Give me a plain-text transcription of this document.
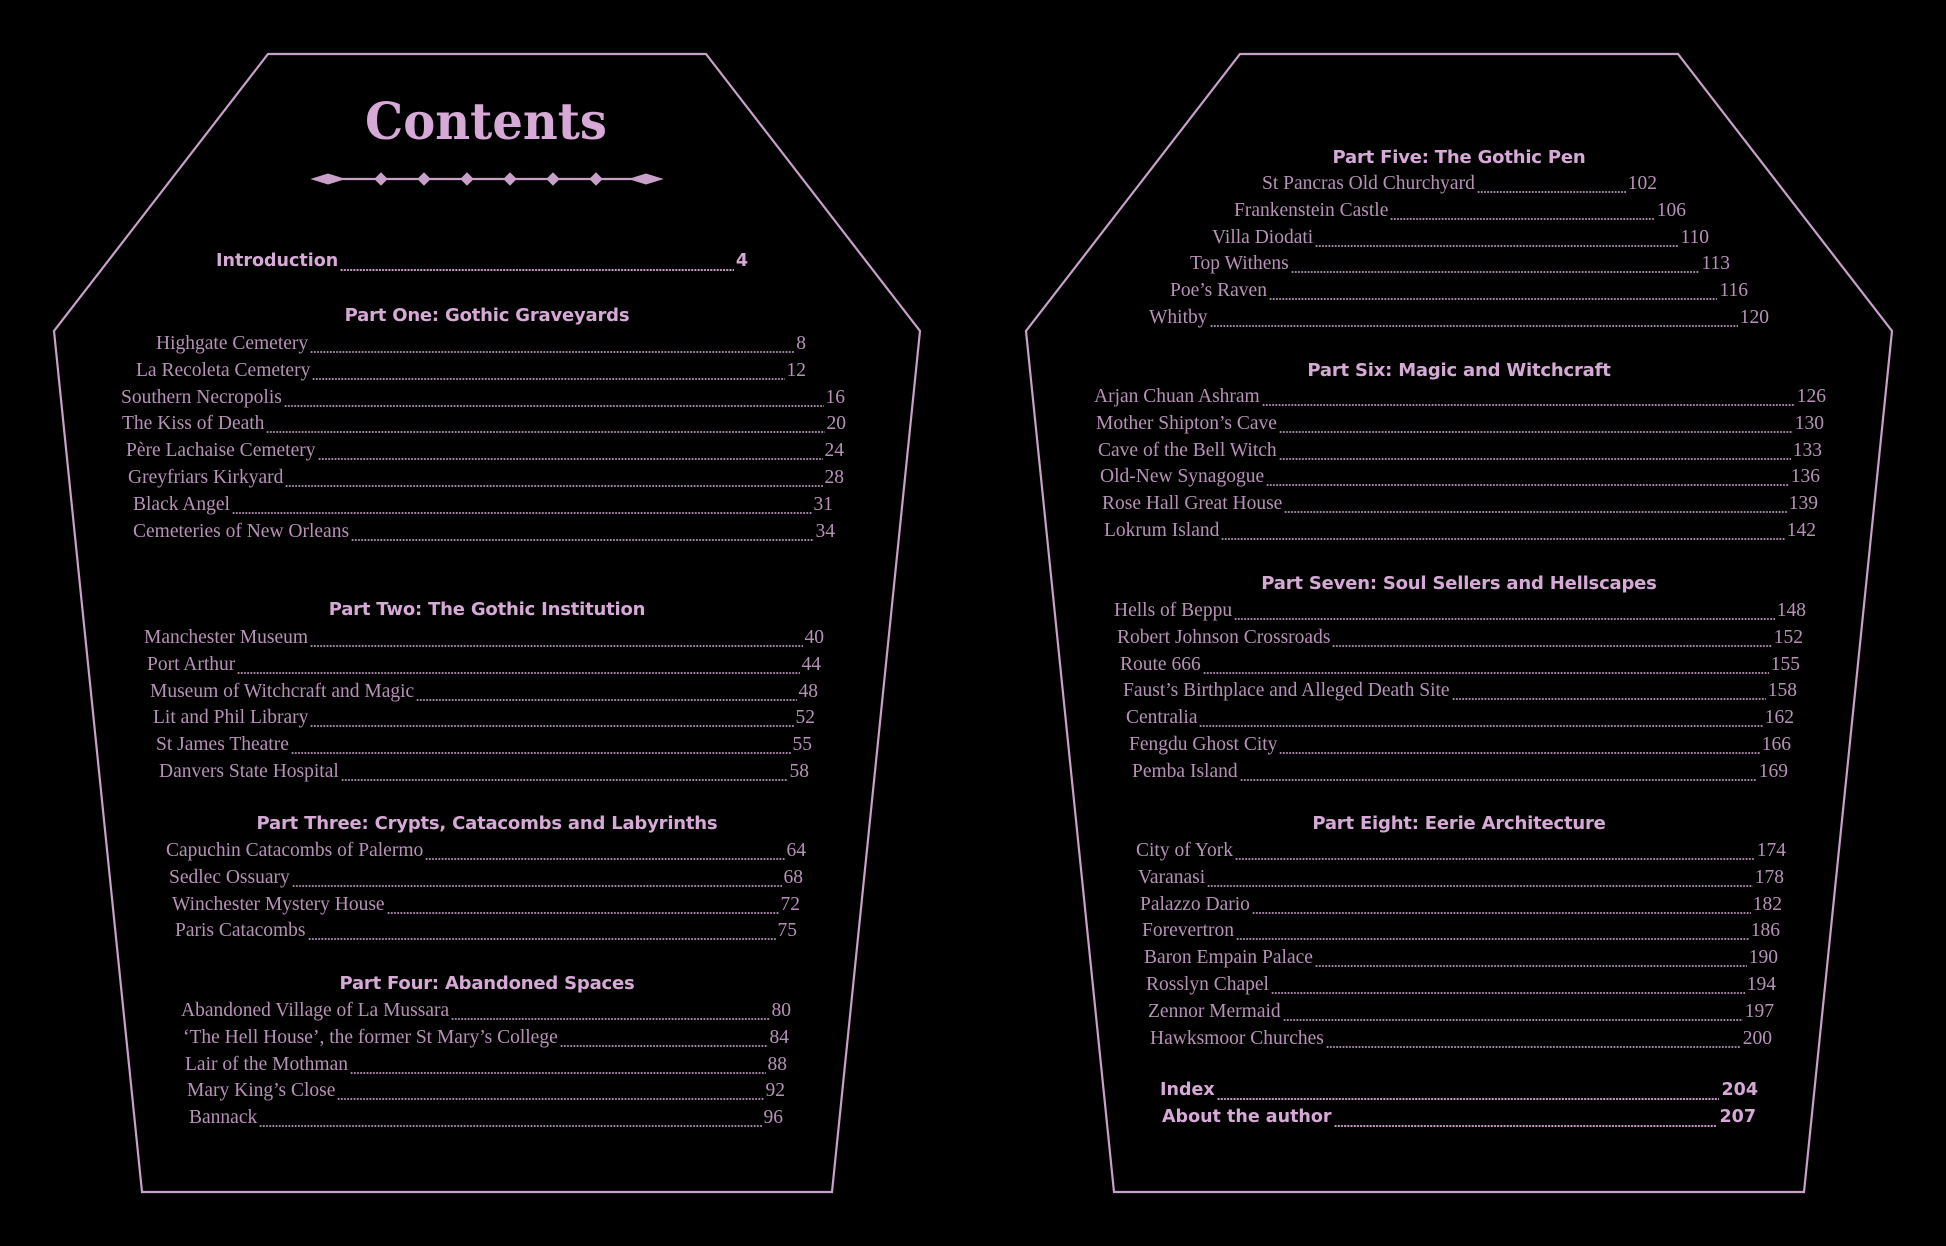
Contents
Introduction	4
Part One: Gothic Graveyards
Highgate Cemetery	8
La Recoleta Cemetery	12
Southern Necropolis	16
The Kiss of Death	20
Père Lachaise Cemetery	24
Greyfriars Kirkyard	28
Black Angel	31
Cemeteries of New Orleans	34
Part Two: The Gothic Institution
Manchester Museum	40
Port Arthur	44
Museum of Witchcraft and Magic	48
Lit and Phil Library	52
St James Theatre	55
Danvers State Hospital	58
Part Three: Crypts, Catacombs and Labyrinths
Capuchin Catacombs of Palermo	64
Sedlec Ossuary	68
Winchester Mystery House	72
Paris Catacombs	75
Part Four: Abandoned Spaces
Abandoned Village of La Mussara	80
‘The Hell House’, the former St Mary’s College	84
Lair of the Mothman	88
Mary King’s Close	92
Bannack	96
Part Five: The Gothic Pen
St Pancras Old Churchyard	102
Frankenstein Castle	106
Villa Diodati	110
Top Withens	113
Poe’s Raven	116
Whitby	120
Part Six: Magic and Witchcraft
Arjan Chuan Ashram	126
Mother Shipton’s Cave	130
Cave of the Bell Witch	133
Old-New Synagogue	136
Rose Hall Great House	139
Lokrum Island	142
Part Seven: Soul Sellers and Hellscapes
Hells of Beppu	148
Robert Johnson Crossroads	152
Route 666	155
Faust’s Birthplace and Alleged Death Site	158
Centralia	162
Fengdu Ghost City	166
Pemba Island	169
Part Eight: Eerie Architecture
City of York	174
Varanasi	178
Palazzo Dario	182
Forevertron	186
Baron Empain Palace	190
Rosslyn Chapel	194
Zennor Mermaid	197
Hawksmoor Churches	200
Index	204
About the author	207
